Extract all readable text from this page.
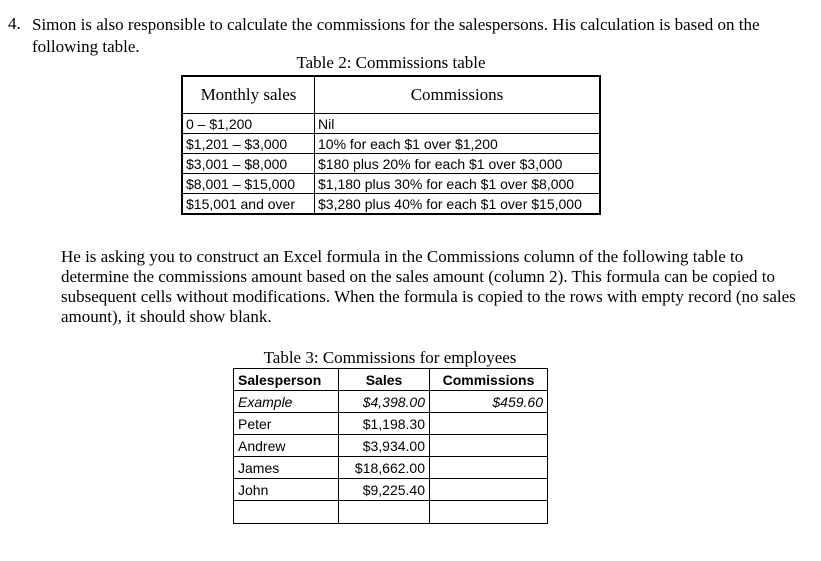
4. Simon is also responsible to calculate the commissions for the salespersons. His calculation is based on the following table.
Table 2: Commissions table
Monthly sales	Commissions
0 – $1,200	Nil
$1,201 – $3,000	10% for each $1 over $1,200
$3,001 – $8,000	$180 plus 20% for each $1 over $3,000
$8,001 – $15,000	$1,180 plus 30% for each $1 over $8,000
$15,001 and over	$3,280 plus 40% for each $1 over $15,000
He is asking you to construct an Excel formula in the Commissions column of the following table to determine the commissions amount based on the sales amount (column 2). This formula can be copied to subsequent cells without modifications. When the formula is copied to the rows with empty record (no sales amount), it should show blank.
Table 3: Commissions for employees
Salesperson	Sales	Commissions
Example	$4,398.00	$459.60
Peter	$1,198.30	
Andrew	$3,934.00	
James	$18,662.00	
John	$9,225.40	
